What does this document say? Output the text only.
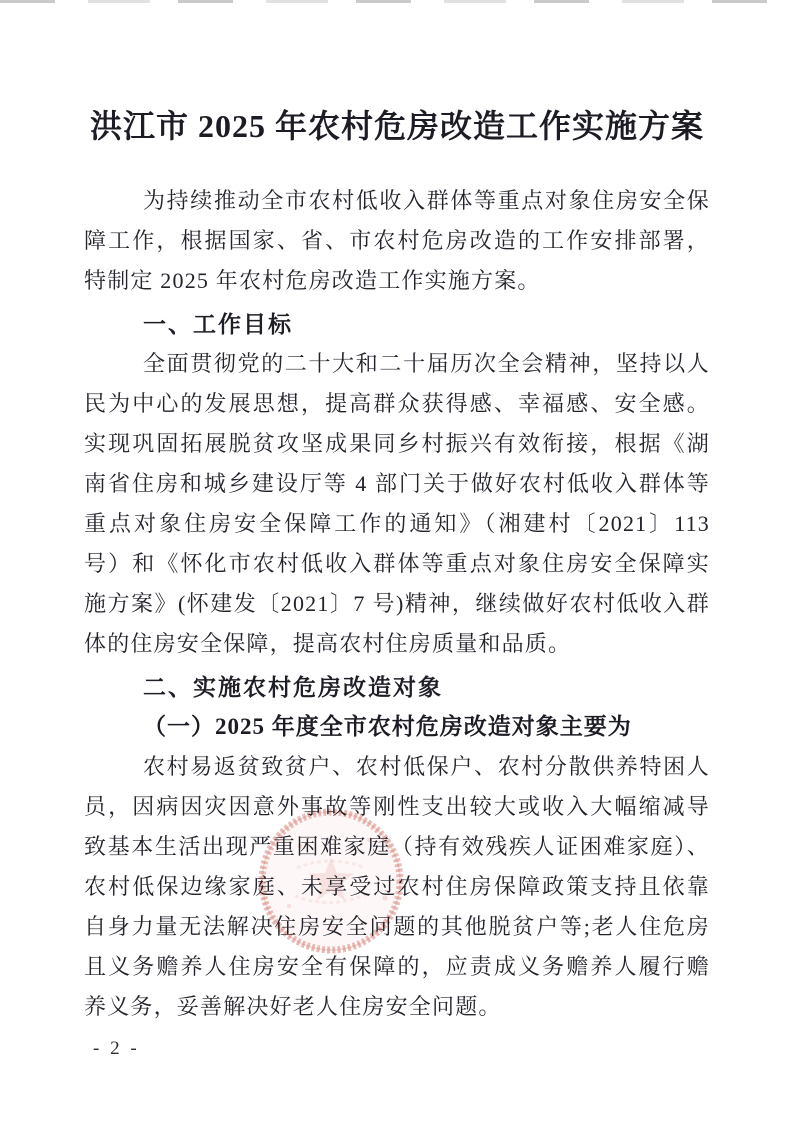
洪江市 2025 年农村危房改造工作实施方案

为持续推动全市农村低收入群体等重点对象住房安全保障工作，根据国家、省、市农村危房改造的工作安排部署，特制定 2025 年农村危房改造工作实施方案。

一、工作目标

全面贯彻党的二十大和二十届历次全会精神，坚持以人民为中心的发展思想，提高群众获得感、幸福感、安全感。实现巩固拓展脱贫攻坚成果同乡村振兴有效衔接，根据《湖南省住房和城乡建设厅等 4 部门关于做好农村低收入群体等重点对象住房安全保障工作的通知》（湘建村〔2021〕113 号）和《怀化市农村低收入群体等重点对象住房安全保障实施方案》(怀建发〔2021〕7 号)精神，继续做好农村低收入群体的住房安全保障，提高农村住房质量和品质。

二、实施农村危房改造对象
（一）2025 年度全市农村危房改造对象主要为

农村易返贫致贫户、农村低保户、农村分散供养特困人员，因病因灾因意外事故等刚性支出较大或收入大幅缩减导致基本生活出现严重困难家庭（持有效残疾人证困难家庭）、农村低保边缘家庭、未享受过农村住房保障政策支持且依靠自身力量无法解决住房安全问题的其他脱贫户等;老人住危房且义务赡养人住房安全有保障的，应责成义务赡养人履行赡养义务，妥善解决好老人住房安全问题。

- 2 -
